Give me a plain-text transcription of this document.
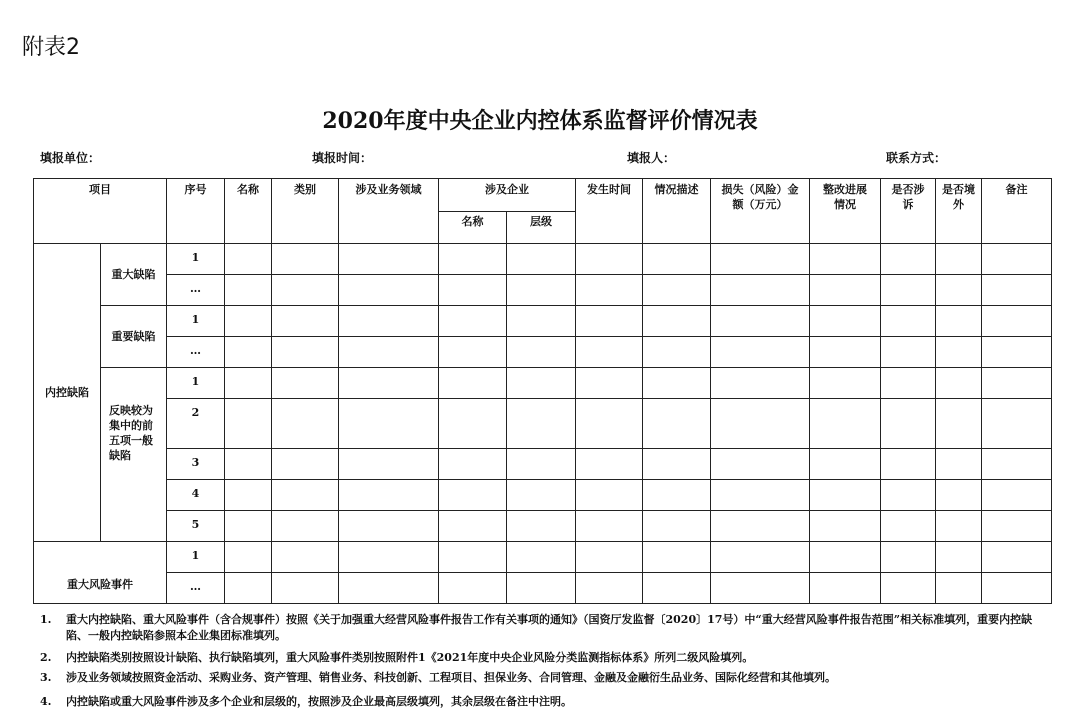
附表2
2020年度中央企业内控体系监督评价情况表
填报单位：	填报时间：	填报人：	联系方式：
项目		序号	名称	类别	涉及业务领域	涉及企业		发生时间	情况描述	损失（风险）金额（万元）	整改进展情况	是否涉诉	是否境外	备注
						名称	层级							
内控缺陷	重大缺陷	1												
		…												
	重要缺陷	1												
		…												
	反映较为集中的前五项一般缺陷	1												
		2												
		3												
		4												
		5												
重大风险事件		1												
		…												
1.	重大内控缺陷、重大风险事件（含合规事件）按照《关于加强重大经营风险事件报告工作有关事项的通知》（国资厅发监督〔2020〕17号）中“重大经营风险事件报告范围”相关标准填列，重要内控缺陷、一般内控缺陷参照本企业集团标准填列。
2.	内控缺陷类别按照设计缺陷、执行缺陷填列，重大风险事件类别按照附件1《2021年度中央企业风险分类监测指标体系》所列二级风险填列。
3.	涉及业务领域按照资金活动、采购业务、资产管理、销售业务、科技创新、工程项目、担保业务、合同管理、金融及金融衍生品业务、国际化经营和其他填列。
4.	内控缺陷或重大风险事件涉及多个企业和层级的，按照涉及企业最高层级填列，其余层级在备注中注明。
